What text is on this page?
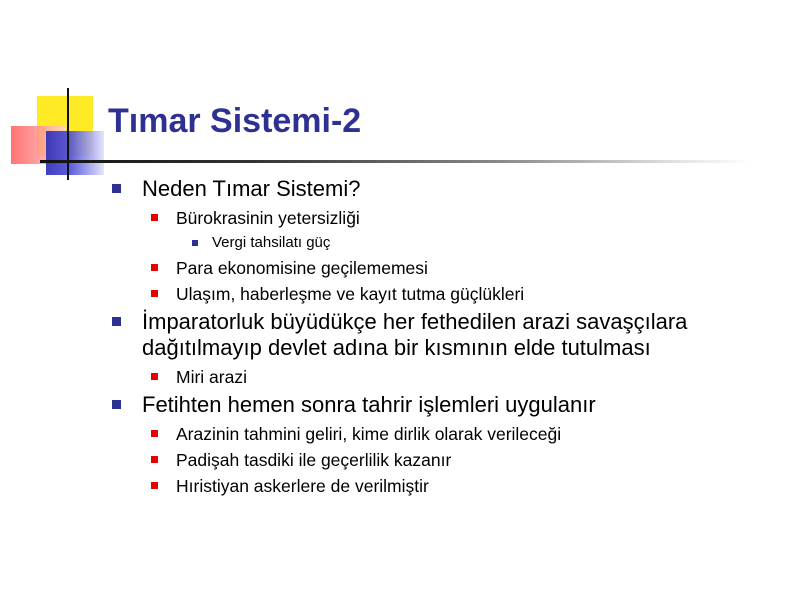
Tımar Sistemi-2
Neden Tımar Sistemi?
Bürokrasinin yetersizliği
Vergi tahsilatı güç
Para ekonomisine geçilememesi
Ulaşım, haberleşme ve kayıt tutma güçlükleri
İmparatorluk büyüdükçe her fethedilen arazi savaşçılara dağıtılmayıp devlet adına bir kısmının elde tutulması
Miri arazi
Fetihten hemen sonra tahrir işlemleri uygulanır
Arazinin tahmini geliri, kime dirlik olarak verileceği
Padişah tasdiki ile geçerlilik kazanır
Hıristiyan askerlere de verilmiştir
